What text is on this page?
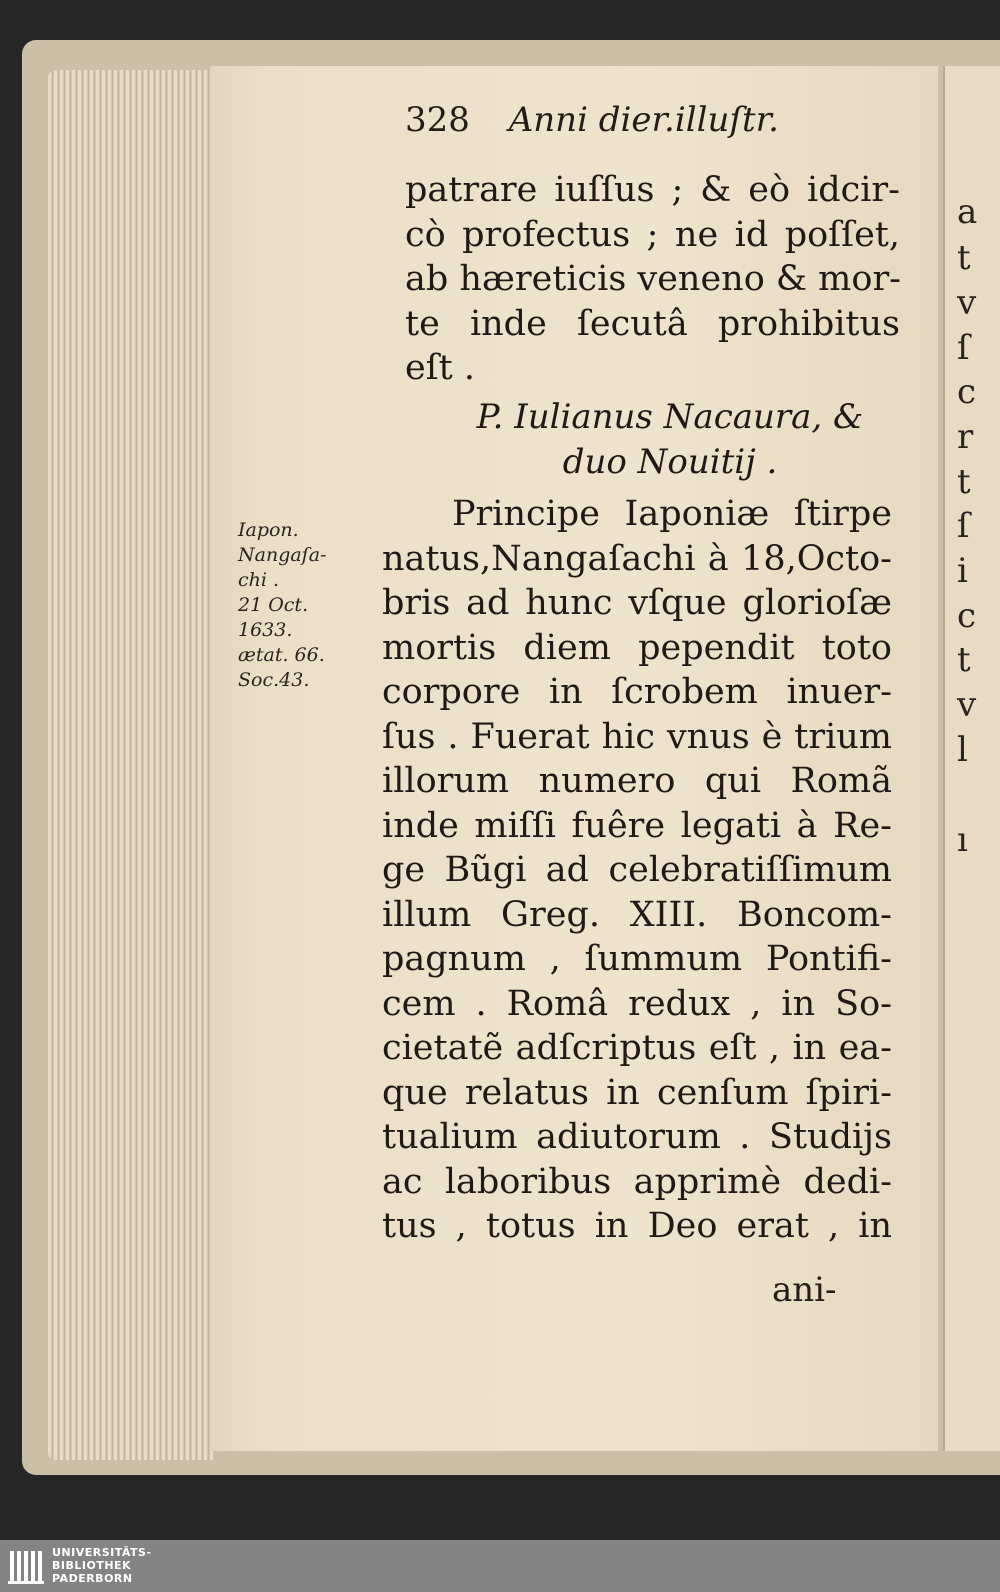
a
t
v
ſ
c
r
t
ſ
i
c
t
v
l
ı
328 Anni dier.illuſtr.
patrare iuſſus ; & eò idcir-
cò profectus ; ne id poſſet,
ab hæreticis veneno & mor-
te inde ſecutâ prohibitus
eſt .
P. Iulianus Nacaura, &
duo Nouitij .
Principe Iaponiæ ſtirpe
natus,Nangaſachi à 18,Octo-
bris ad hunc vſque glorioſæ
mortis diem pependit toto
corpore in ſcrobem inuer-
ſus . Fuerat hic vnus è trium
illorum numero qui Romã
inde miſſi fuêre legati à Re-
ge Bũgi ad celebratiſſimum
illum Greg. XIII. Boncom-
pagnum , ſummum Pontifi-
cem . Româ redux , in So-
cietatẽ adſcriptus eſt , in ea-
que relatus in cenſum ſpiri-
tualium adiutorum . Studijs
ac laboribus apprimè dedi-
tus , totus in Deo erat , in
Iapon.
Nangaſa-
chi .
21 Oct.
1633.
ætat. 66.
Soc.43.
ani-
UNIVERSITÄTS-
BIBLIOTHEK
PADERBORN
